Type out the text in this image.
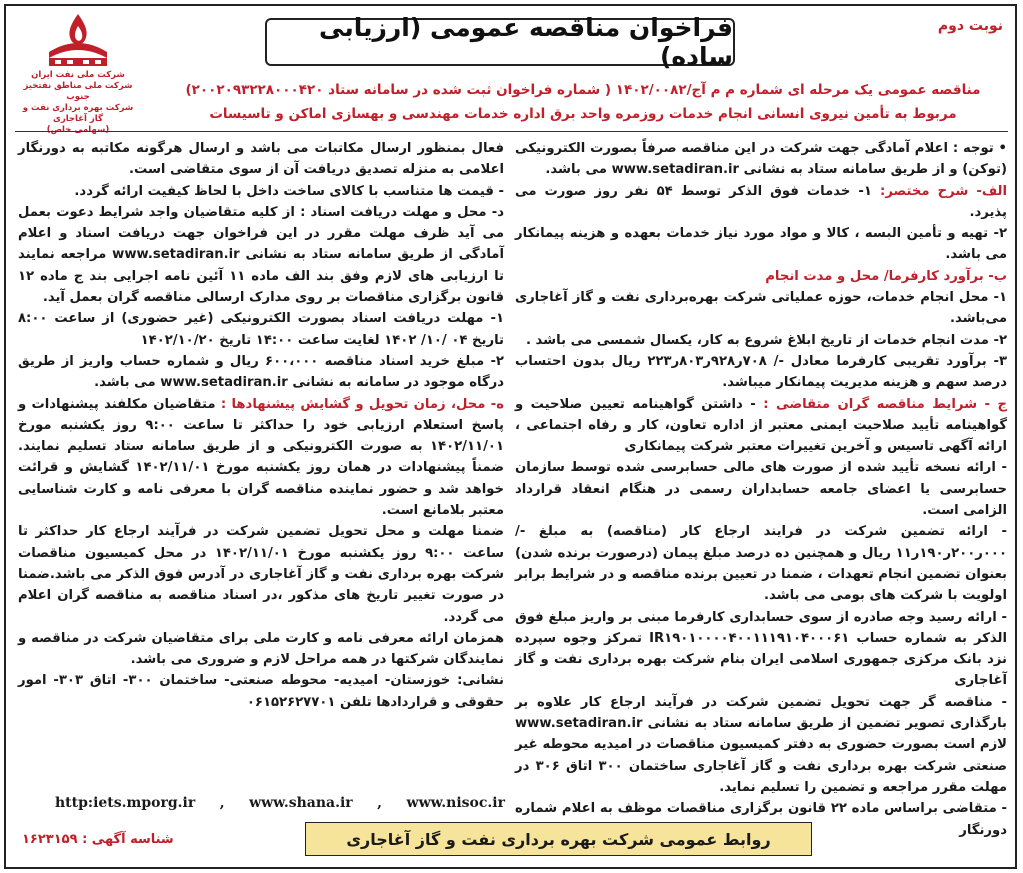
نوبت دوم
فراخوان مناقصه عمومی (ارزیابی ساده)
شرکت ملی نفت ایران
شرکت ملی مناطق نفتخیز جنوب
شرکت بهره برداری نفت و گاز آغاجاری
(سهامی خاص)
مناقصه عمومی یک مرحله ای شماره م م آج/۱۴۰۲/۰۰۸۲ ( شماره فراخوان ثبت شده در سامانه ستاد ۲۰۰۲۰۹۳۲۲۸۰۰۰۴۲۰)
مربوط به تأمین نیروی انسانی انجام خدمات روزمره واحد برق اداره خدمات مهندسی و بهسازی اماکن و تاسیسات

• توجه : اعلام آمادگی جهت شرکت در این مناقصه صرفاً بصورت الکترونیکی (توکن) و از طریق سامانه ستاد به نشانی www.setadiran.ir می باشد.

الف- شرح مختصر: ۱- خدمات فوق الذکر توسط ۵۴ نفر روز صورت می پذیرد.

۲- تهیه و تأمین البسه ، کالا و مواد مورد نیاز خدمات بعهده و هزینه پیمانکار می باشد.

ب- برآورد کارفرما/ محل و مدت انجام

۱- محل انجام خدمات، حوزه عملیاتی شرکت بهره‌برداری نفت و گاز آغاجاری می‌باشد.

۲- مدت انجام خدمات از تاریخ ابلاغ شروع به کار، یکسال شمسی می باشد .

۳- برآورد تقریبی کارفرما معادل -/ ۷۰۸ر۹۲۸ر۸۰۳ر۲۲۳ ریال بدون احتساب درصد سهم و هزینه مدیریت پیمانکار میباشد.

ج - شرایط مناقصه گران متقاضی : - داشتن گواهینامه تعیین صلاحیت و گواهینامه تأیید صلاحیت ایمنی معتبر از اداره تعاون، کار و رفاه اجتماعی ، ارائه آگهی تاسیس و آخرین تغییرات معتبر شرکت پیمانکاری

- ارائه نسخه تأیید شده از صورت های مالی حسابرسی شده توسط سازمان حسابرسی یا اعضای جامعه حسابداران رسمی در هنگام انعقاد قرارداد الزامی است.

- ارائه تضمین شرکت در فرایند ارجاع کار (مناقصه) به مبلغ -/ ۰۰۰ر۲۰۰ر۱۹۰ر۱۱ ریال و همچنین ده درصد مبلغ پیمان (درصورت برنده شدن) بعنوان تضمین انجام تعهدات ، ضمنا در تعیین برنده مناقصه و در شرایط برابر اولویت با شرکت های بومی می باشد.

- ارائه رسید وجه صادره از سوی حسابداری کارفرما مبنی بر واریز مبلغ فوق الذکر به شماره حساب IR۱۹۰۱۰۰۰۰۴۰۰۱۱۱۹۱۰۴۰۰۰۶۱ تمرکز وجوه سپرده نزد بانک مرکزی جمهوری اسلامی ایران بنام شرکت بهره برداری نفت و گاز آغاجاری

- مناقصه گر جهت تحویل تضمین شرکت در فرآیند ارجاع کار علاوه بر بارگذاری تصویر تضمین از طریق سامانه ستاد به نشانی www.setadiran.ir لازم است بصورت حضوری به دفتر کمیسیون مناقصات در امیدیه محوطه غیر صنعتی شرکت بهره برداری نفت و گاز آغاجاری ساختمان ۳۰۰ اتاق ۳۰۶ در مهلت مقرر مراجعه و تضمین را تسلیم نماید.

- متقاضی براساس ماده ۲۲ قانون برگزاری مناقصات موظف به اعلام شماره دورنگار

فعال بمنظور ارسال مکاتبات می باشد و ارسال هرگونه مکاتبه به دورنگار اعلامی به منزله تصدیق دریافت آن از سوی متقاضی است.

- قیمت ها متناسب با کالای ساخت داخل با لحاظ کیفیت ارائه گردد.

د- محل و مهلت دریافت اسناد : از کلیه متقاضیان واجد شرایط دعوت بعمل می آید ظرف مهلت مقرر در این فراخوان جهت دریافت اسناد و اعلام آمادگی از طریق سامانه ستاد به نشانی www.setadiran.ir مراجعه نمایند تا ارزیابی های لازم وفق بند الف ماده ۱۱ آئین نامه اجرایی بند ج ماده ۱۲ قانون برگزاری مناقصات بر روی مدارک ارسالی مناقصه گران بعمل آید.

۱- مهلت دریافت اسناد بصورت الکترونیکی (غیر حضوری) از ساعت ۸:۰۰ تاریخ ۰۴ /۱۰/ ۱۴۰۲ لغایت ساعت ۱۴:۰۰ تاریخ ۱۴۰۲/۱۰/۲۰

۲- مبلغ خرید اسناد مناقصه ۶۰۰،۰۰۰ ریال و شماره حساب واریز از طریق درگاه موجود در سامانه به نشانی www.setadiran.ir می باشد.

ه- محل، زمان تحویل و گشایش پیشنهادها : متقاضیان مکلفند پیشنهادات و پاسخ استعلام ارزیابی خود را حداکثر تا ساعت ۹:۰۰ روز یکشنبه مورخ ۱۴۰۲/۱۱/۰۱ به صورت الکترونیکی و از طریق سامانه ستاد تسلیم نمایند. ضمناً پیشنهادات در همان روز یکشنبه مورخ ۱۴۰۲/۱۱/۰۱ گشایش و قرائت خواهد شد و حضور نماینده مناقصه گران با معرفی نامه و کارت شناسایی معتبر بلامانع است.

ضمنا مهلت و محل تحویل تضمین شرکت در فرآیند ارجاع کار حداکثر تا ساعت ۹:۰۰ روز یکشنبه مورخ ۱۴۰۲/۱۱/۰۱ در محل کمیسیون مناقصات شرکت بهره برداری نفت و گاز آغاجاری در آدرس فوق الذکر می باشد.ضمنا در صورت تغییر تاریخ های مذکور ،در اسناد مناقصه به مناقصه گران اعلام می گردد.

همزمان ارائه معرفی نامه و کارت ملی برای متقاضیان شرکت در مناقصه و نمایندگان شرکتها در همه مراحل لازم و ضروری می باشد.

نشانی: خوزستان- امیدیه- محوطه صنعتی- ساختمان ۳۰۰- اتاق ۳۰۳- امور حقوقی و قراردادها تلفن ۰۶۱۵۲۶۲۷۷۰۱

http:iets.mporg.ir , www.shana.ir , www.nisoc.ir
روابط عمومی شرکت بهره برداری نفت و گاز آغاجاری
شناسه آگهی : ۱۶۲۳۱۵۹
